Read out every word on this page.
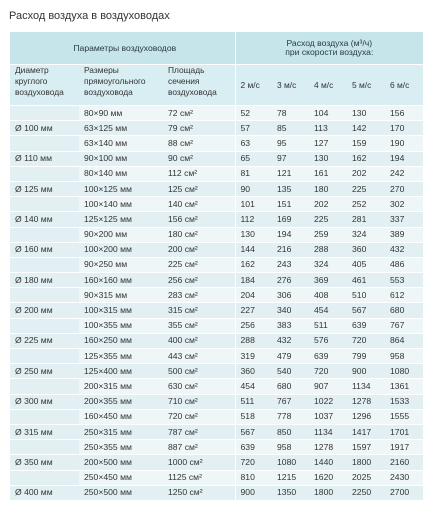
Расход воздуха в воздуховодах
Параметры воздуховодов			Расход воздуха (м³/ч)
при скорости воздуха:				
Диаметр
круглого
воздуховода	Размеры
прямоугольного
воздуховода	Площадь
сечения
воздуховода	2 м/с	3 м/с	4 м/с	5 м/с	6 м/с
	80×90 мм	72 см²	52	78	104	130	156
Ø 100 мм	63×125 мм	79 см²	57	85	113	142	170
	63×140 мм	88 см²	63	95	127	159	190
Ø 110 мм	90×100 мм	90 см²	65	97	130	162	194
	80×140 мм	112 см²	81	121	161	202	242
Ø 125 мм	100×125 мм	125 см²	90	135	180	225	270
	100×140 мм	140 см²	101	151	202	252	302
Ø 140 мм	125×125 мм	156 см²	112	169	225	281	337
	90×200 мм	180 см²	130	194	259	324	389
Ø 160 мм	100×200 мм	200 см²	144	216	288	360	432
	90×250 мм	225 см²	162	243	324	405	486
Ø 180 мм	160×160 мм	256 см²	184	276	369	461	553
	90×315 мм	283 см²	204	306	408	510	612
Ø 200 мм	100×315 мм	315 см²	227	340	454	567	680
	100×355 мм	355 см²	256	383	511	639	767
Ø 225 мм	160×250 мм	400 см²	288	432	576	720	864
	125×355 мм	443 см²	319	479	639	799	958
Ø 250 мм	125×400 мм	500 см²	360	540	720	900	1080
	200×315 мм	630 см²	454	680	907	1134	1361
Ø 300 мм	200×355 мм	710 см²	511	767	1022	1278	1533
	160×450 мм	720 см²	518	778	1037	1296	1555
Ø 315 мм	250×315 мм	787 см²	567	850	1134	1417	1701
	250×355 мм	887 см²	639	958	1278	1597	1917
Ø 350 мм	200×500 мм	1000 см²	720	1080	1440	1800	2160
	250×450 мм	1125 см²	810	1215	1620	2025	2430
Ø 400 мм	250×500 мм	1250 см²	900	1350	1800	2250	2700
